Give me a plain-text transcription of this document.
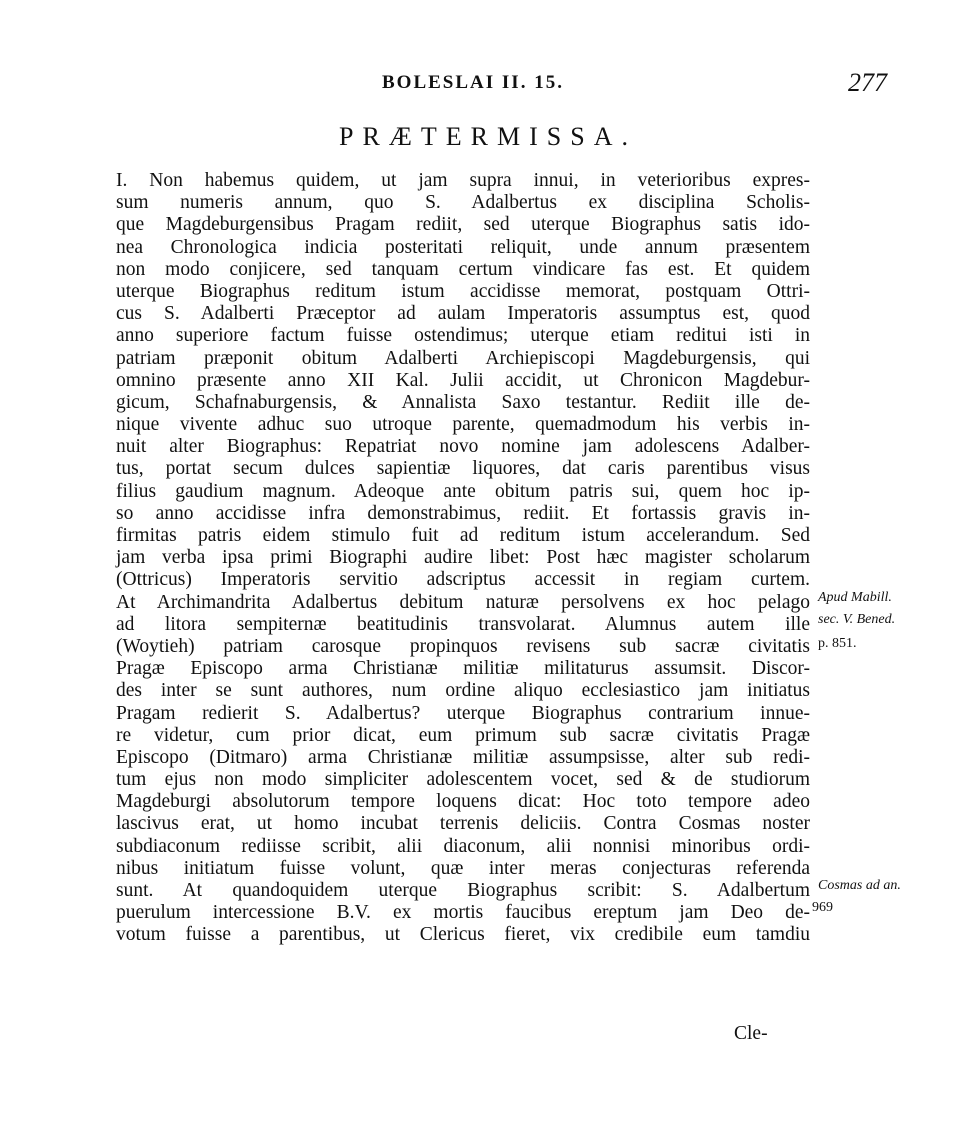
BOLESLAI II. 15.	277
PRÆTERMISSA.
I. Non habemus quidem, ut jam supra innui, in veterioribus expres-
sum numeris annum, quo S. Adalbertus ex disciplina Scholis-
que Magdeburgensibus Pragam rediit, sed uterque Biographus satis ido-
nea Chronologica indicia posteritati reliquit, unde annum præsentem
non modo conjicere, sed tanquam certum vindicare fas est. Et quidem
uterque Biographus reditum istum accidisse memorat, postquam Ottri-
cus S. Adalberti Præceptor ad aulam Imperatoris assumptus est, quod
anno superiore factum fuisse ostendimus; uterque etiam reditui isti in
patriam præponit obitum Adalberti Archiepiscopi Magdeburgensis, qui
omnino præsente anno XII Kal. Julii accidit, ut Chronicon Magdebur-
gicum, Schafnaburgensis, & Annalista Saxo testantur. Rediit ille de-
nique vivente adhuc suo utroque parente, quemadmodum his verbis in-
nuit alter Biographus: Repatriat novo nomine jam adolescens Adalber-
tus, portat secum dulces sapientiæ liquores, dat caris parentibus visus
filius gaudium magnum. Adeoque ante obitum patris sui, quem hoc ip-
so anno accidisse infra demonstrabimus, rediit. Et fortassis gravis in-
firmitas patris eidem stimulo fuit ad reditum istum accelerandum. Sed
jam verba ipsa primi Biographi audire libet: Post hæc magister scholarum
(Ottricus) Imperatoris servitio adscriptus accessit in regiam curtem.
At Archimandrita Adalbertus debitum naturæ persolvens ex hoc pelago
ad litora sempiternæ beatitudinis transvolarat. Alumnus autem ille
(Woytieh) patriam carosque propinquos revisens sub sacræ civitatis
Pragæ Episcopo arma Christianæ militiæ militaturus assumsit. Discor-
des inter se sunt authores, num ordine aliquo ecclesiastico jam initiatus
Pragam redierit S. Adalbertus? uterque Biographus contrarium innue-
re videtur, cum prior dicat, eum primum sub sacræ civitatis Pragæ
Episcopo (Ditmaro) arma Christianæ militiæ assumpsisse, alter sub redi-
tum ejus non modo simpliciter adolescentem vocet, sed & de studiorum
Magdeburgi absolutorum tempore loquens dicat: Hoc toto tempore adeo
lascivus erat, ut homo incubat terrenis deliciis. Contra Cosmas noster
subdiaconum rediisse scribit, alii diaconum, alii nonnisi minoribus ordi-
nibus initiatum fuisse volunt, quæ inter meras conjecturas referenda
sunt. At quandoquidem uterque Biographus scribit: S. Adalbertum
puerulum intercessione B.V. ex mortis faucibus ereptum jam Deo de-
votum fuisse a parentibus, ut Clericus fieret, vix credibile eum tamdiu
Cle-
Apud Mabill.
sec. V. Bened.
p. 851.
Cosmas ad an.
969
